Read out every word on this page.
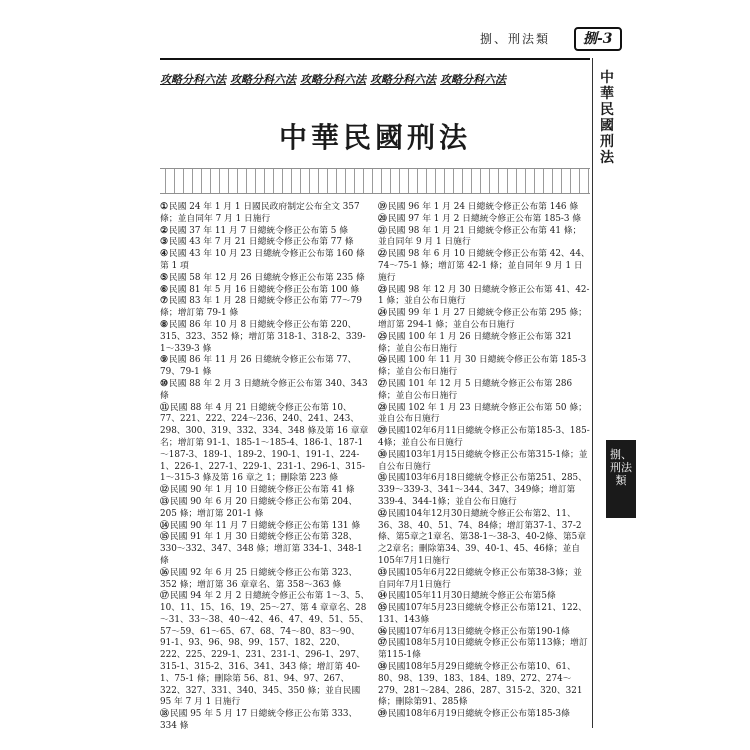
捌、刑法類	捌-3
中華民國刑法
捌、刑法類
攻略分科六法 攻略分科六法 攻略分科六法 攻略分科六法 攻略分科六法
中華民國刑法
①民國 24 年 1 月 1 日國民政府制定公布全文 357 條；並自同年 7 月 1 日施行
②民國 37 年 11 月 7 日總統令修正公布第 5 條
③民國 43 年 7 月 21 日總統令修正公布第 77 條
④民國 43 年 10 月 23 日總統令修正公布第 160 條第 1 項
⑤民國 58 年 12 月 26 日總統令修正公布第 235 條
⑥民國 81 年 5 月 16 日總統令修正公布第 100 條
⑦民國 83 年 1 月 28 日總統令修正公布第 77～79 條；增訂第 79-1 條
⑧民國 86 年 10 月 8 日總統令修正公布第 220、315、323、352 條；增訂第 318-1、318-2、339-1～339-3 條
⑨民國 86 年 11 月 26 日總統令修正公布第 77、79、79-1 條
⑩民國 88 年 2 月 3 日總統令修正公布第 340、343 條
⑪民國 88 年 4 月 21 日總統令修正公布第 10、77、221、222、224～236、240、241、243、298、300、319、332、334、348 條及第 16 章章名；增訂第 91-1、185-1～185-4、186-1、187-1～187-3、189-1、189-2、190-1、191-1、224-1、226-1、227-1、229-1、231-1、296-1、315-1～315-3 條及第 16 章之 1；刪除第 223 條
⑫民國 90 年 1 月 10 日總統令修正公布第 41 條
⑬民國 90 年 6 月 20 日總統令修正公布第 204、205 條；增訂第 201-1 條
⑭民國 90 年 11 月 7 日總統令修正公布第 131 條
⑮民國 91 年 1 月 30 日總統令修正公布第 328、330～332、347、348 條；增訂第 334-1、348-1 條
⑯民國 92 年 6 月 25 日總統令修正公布第 323、352 條；增訂第 36 章章名、第 358～363 條
⑰民國 94 年 2 月 2 日總統令修正公布第 1～3、5、10、11、15、16、19、25～27、第 4 章章名、28～31、33～38、40～42、46、47、49、51、55、57～59、61～65、67、68、74～80、83～90、91-1、93、96、98、99、157、182、220、222、225、229-1、231、231-1、296-1、297、315-1、315-2、316、341、343 條；增訂第 40-1、75-1 條；刪除第 56、81、94、97、267、322、327、331、340、345、350 條；並自民國 95 年 7 月 1 日施行
⑱民國 95 年 5 月 17 日總統令修正公布第 333、334 條
⑲民國 96 年 1 月 24 日總統令修正公布第 146 條
⑳民國 97 年 1 月 2 日總統令修正公布第 185-3 條
㉑民國 98 年 1 月 21 日總統令修正公布第 41 條；並自同年 9 月 1 日施行
㉒民國 98 年 6 月 10 日總統令修正公布第 42、44、74～75-1 條；增訂第 42-1 條；並自同年 9 月 1 日施行
㉓民國 98 年 12 月 30 日總統令修正公布第 41、42-1 條；並自公布日施行
㉔民國 99 年 1 月 27 日總統令修正公布第 295 條；增訂第 294-1 條；並自公布日施行
㉕民國 100 年 1 月 26 日總統令修正公布第 321 條；並自公布日施行
㉖民國 100 年 11 月 30 日總統令修正公布第 185-3 條；並自公布日施行
㉗民國 101 年 12 月 5 日總統令修正公布第 286 條；並自公布日施行
㉘民國 102 年 1 月 23 日總統令修正公布第 50 條；並自公布日施行
㉙民國102年6月11日總統令修正公布第185-3、185-4條；並自公布日施行
㉚民國103年1月15日總統令修正公布第315-1條；並自公布日施行
㉛民國103年6月18日總統令修正公布第251、285、339～339-3、341～344、347、349條；增訂第339-4、344-1條；並自公布日施行
㉜民國104年12月30日總統令修正公布第2、11、36、38、40、51、74、84條；增訂第37-1、37-2條、第5章之1章名、第38-1～38-3、40-2條、第5章之2章名；刪除第34、39、40-1、45、46條；並自105年7月1日施行
㉝民國105年6月22日總統令修正公布第38-3條；並自同年7月1日施行
㉞民國105年11月30日總統令修正公布第5條
㉟民國107年5月23日總統令修正公布第121、122、131、143條
㊱民國107年6月13日總統令修正公布第190-1條
㊲民國108年5月10日總統令修正公布第113條；增訂第115-1條
㊳民國108年5月29日總統令修正公布第10、61、80、98、139、183、184、189、272、274～279、281～284、286、287、315-2、320、321條；刪除第91、285條
㊴民國108年6月19日總統令修正公布第185-3條
